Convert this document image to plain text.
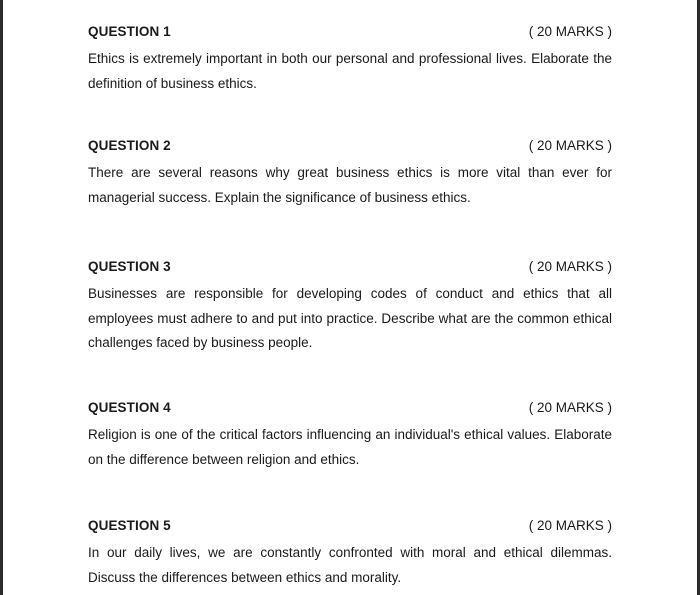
QUESTION 1	( 20 MARKS )
Ethics is extremely important in both our personal and professional lives. Elaborate the definition of business ethics.
QUESTION 2	( 20 MARKS )
There are several reasons why great business ethics is more vital than ever for managerial success. Explain the significance of business ethics.
QUESTION 3	( 20 MARKS )
Businesses are responsible for developing codes of conduct and ethics that all employees must adhere to and put into practice. Describe what are the common ethical challenges faced by business people.
QUESTION 4	( 20 MARKS )
Religion is one of the critical factors influencing an individual's ethical values. Elaborate on the difference between religion and ethics.
QUESTION 5	( 20 MARKS )
In our daily lives, we are constantly confronted with moral and ethical dilemmas. Discuss the differences between ethics and morality.
